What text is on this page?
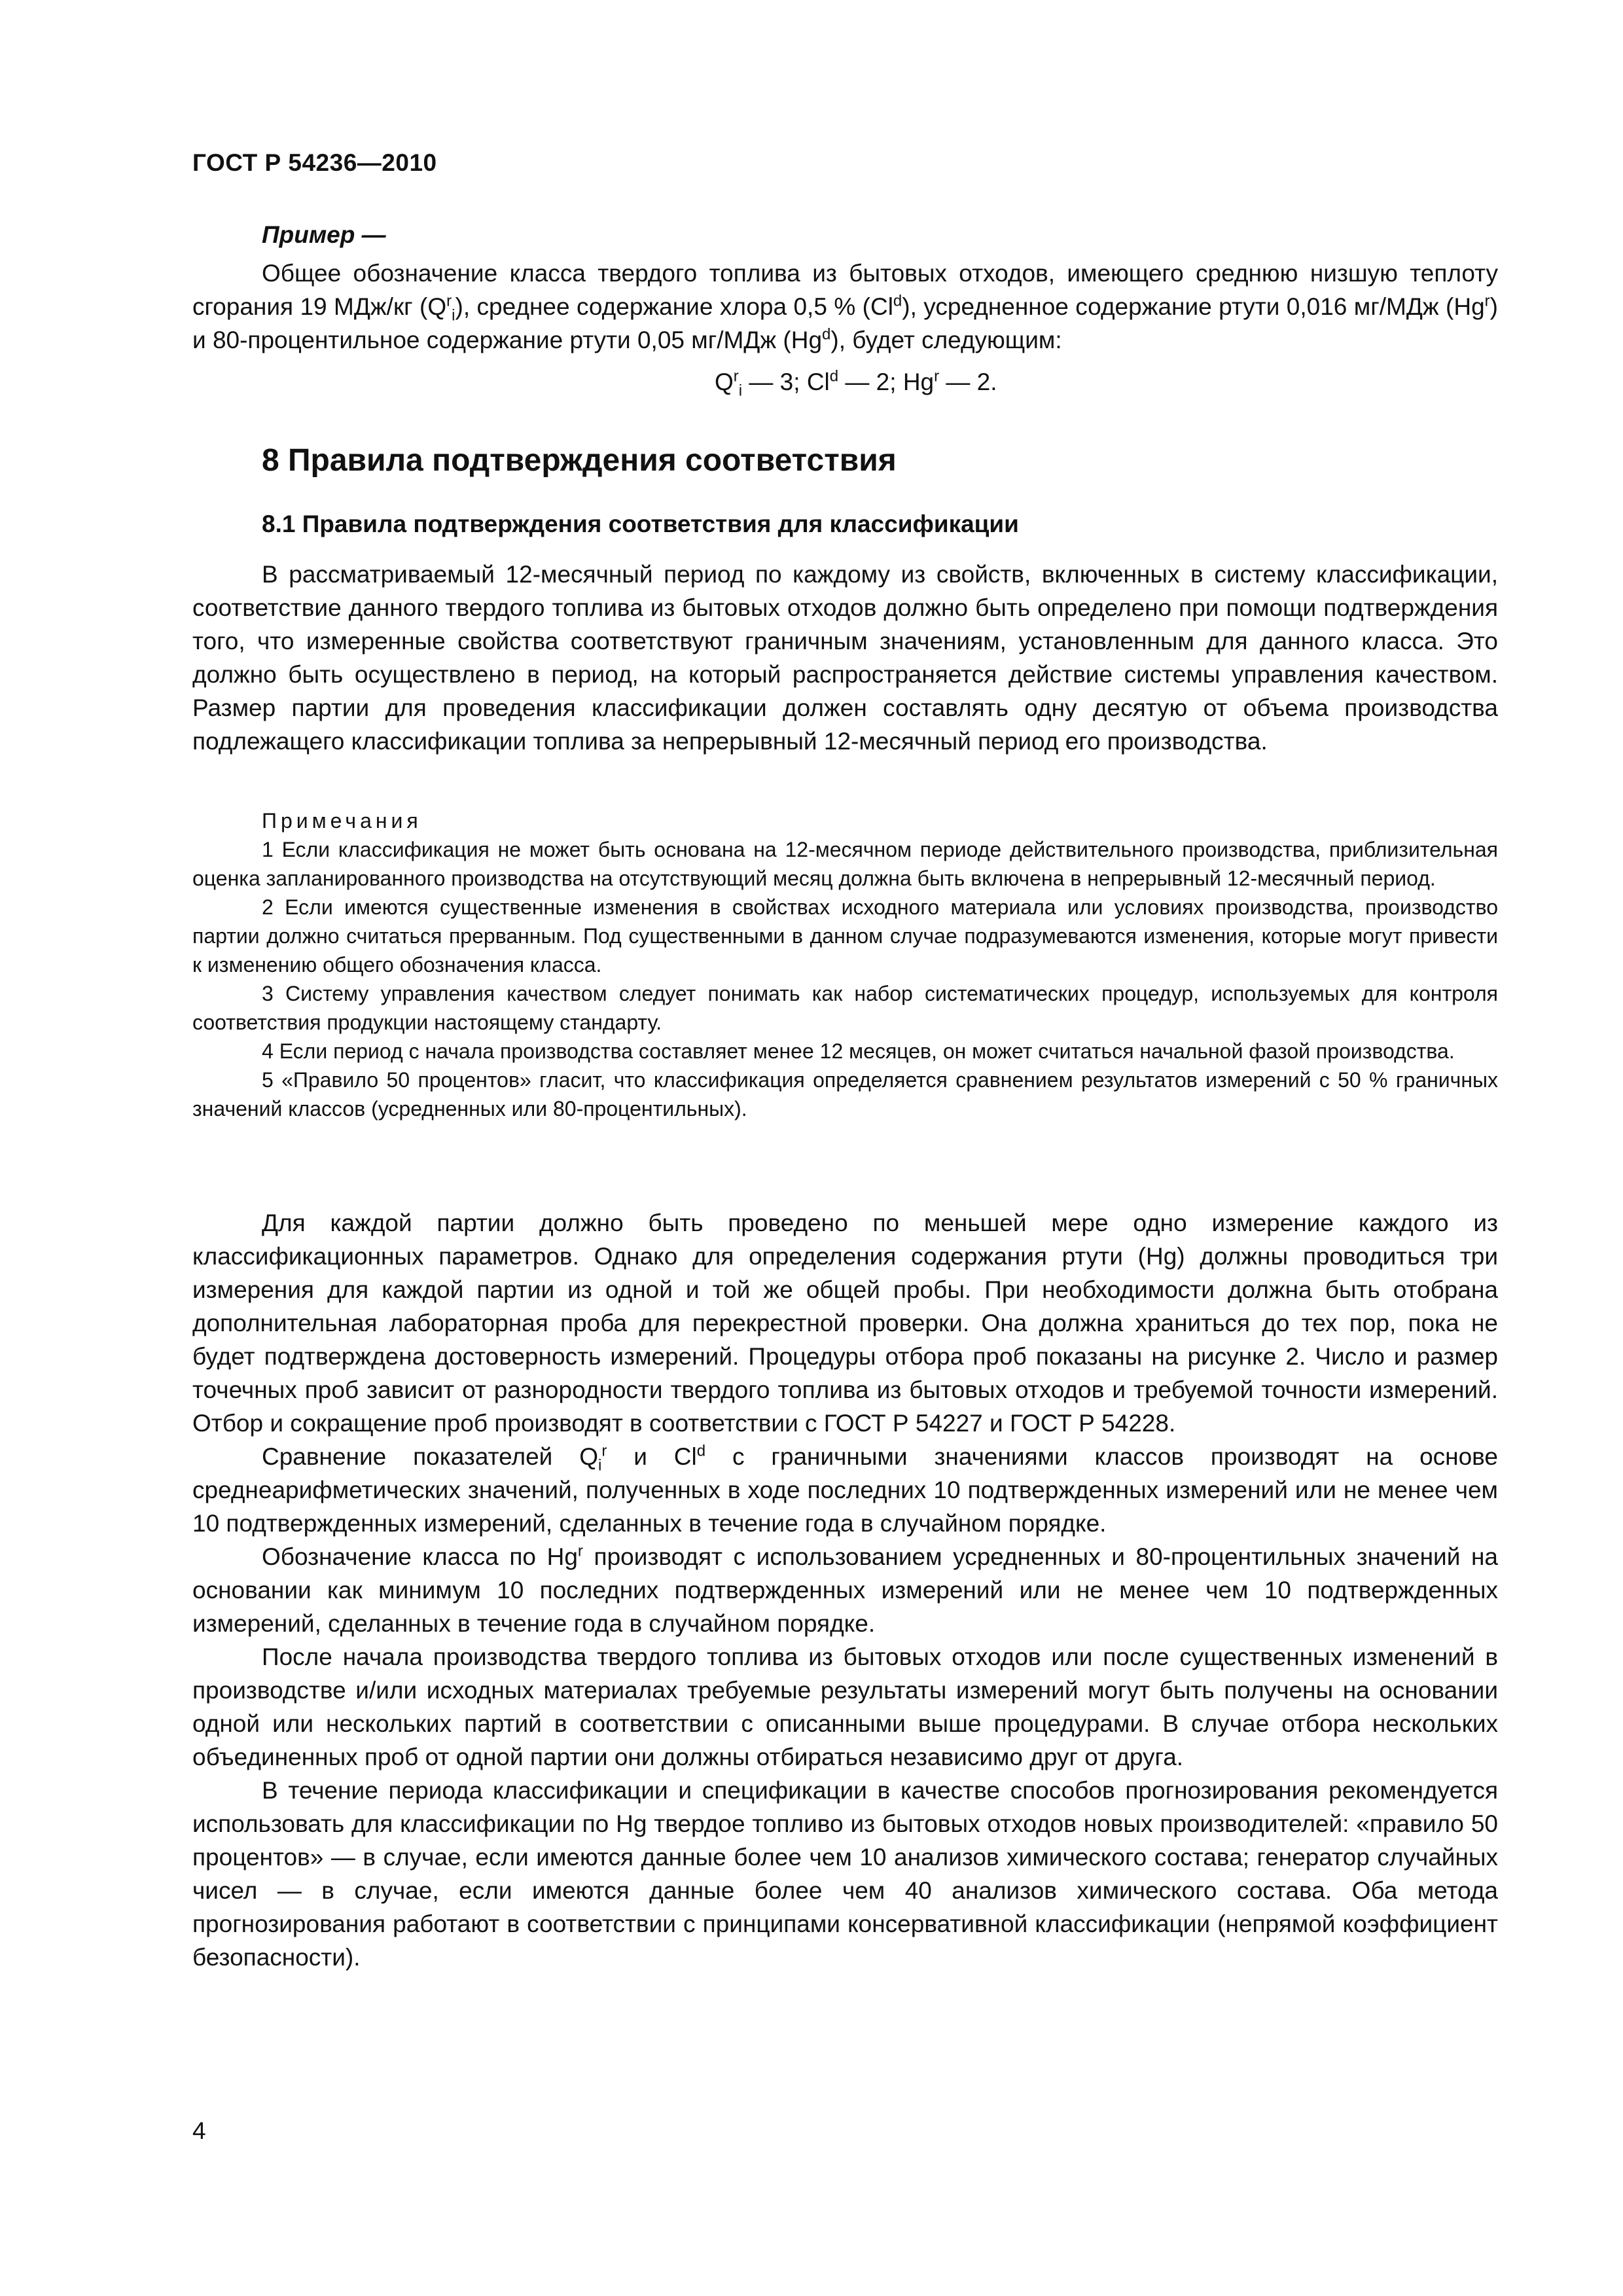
ГОСТ Р 54236—2010
Пример —

Общее обозначение класса твердого топлива из бытовых отходов, имеющего среднюю низшую теплоту сгорания 19 МДж/кг $(Q^r_i)$, среднее содержание хлора 0,5 % (Cl$^d$), усредненное содержание ртути 0,016 мг/МДж (Hg$^r$) и 80-процентильное содержание ртути 0,05 мг/МДж (Hg$^d$), будет следующим:

$Q^r_i$ — 3; Cl$^d$ — 2; Hg$^r$ — 2.
8 Правила подтверждения соответствия
8.1 Правила подтверждения соответствия для классификации

В рассматриваемый 12-месячный период по каждому из свойств, включенных в систему классификации, соответствие данного твердого топлива из бытовых отходов должно быть определено при помощи подтверждения того, что измеренные свойства соответствуют граничным значениям, установленным для данного класса. Это должно быть осуществлено в период, на который распространяется действие системы управления качеством. Размер партии для проведения классификации должен составлять одну десятую от объема производства подлежащего классификации топлива за непрерывный 12-месячный период его производства.

Примечания

1 Если классификация не может быть основана на 12-месячном периоде действительного производства, приблизительная оценка запланированного производства на отсутствующий месяц должна быть включена в непрерывный 12-месячный период.

2 Если имеются существенные изменения в свойствах исходного материала или условиях производства, производство партии должно считаться прерванным. Под существенными в данном случае подразумеваются изменения, которые могут привести к изменению общего обозначения класса.

3 Систему управления качеством следует понимать как набор систематических процедур, используемых для контроля соответствия продукции настоящему стандарту.

4 Если период с начала производства составляет менее 12 месяцев, он может считаться начальной фазой производства.

5 «Правило 50 процентов» гласит, что классификация определяется сравнением результатов измерений с 50 % граничных значений классов (усредненных или 80-процентильных).

Для каждой партии должно быть проведено по меньшей мере одно измерение каждого из классификационных параметров. Однако для определения содержания ртути (Hg) должны проводиться три измерения для каждой партии из одной и той же общей пробы. При необходимости должна быть отобрана дополнительная лабораторная проба для перекрестной проверки. Она должна храниться до тех пор, пока не будет подтверждена достоверность измерений. Процедуры отбора проб показаны на рисунке 2. Число и размер точечных проб зависит от разнородности твердого топлива из бытовых отходов и требуемой точности измерений. Отбор и сокращение проб производят в соответствии с ГОСТ Р 54227 и ГОСТ Р 54228.

Сравнение показателей $Q_i^r$ и Cl$^d$ с граничными значениями классов производят на основе среднеарифметических значений, полученных в ходе последних 10 подтвержденных измерений или не менее чем 10 подтвержденных измерений, сделанных в течение года в случайном порядке.

Обозначение класса по Hg$^r$ производят с использованием усредненных и 80-процентильных значений на основании как минимум 10 последних подтвержденных измерений или не менее чем 10 подтвержденных измерений, сделанных в течение года в случайном порядке.

После начала производства твердого топлива из бытовых отходов или после существенных изменений в производстве и/или исходных материалах требуемые результаты измерений могут быть получены на основании одной или нескольких партий в соответствии с описанными выше процедурами. В случае отбора нескольких объединенных проб от одной партии они должны отбираться независимо друг от друга.

В течение периода классификации и спецификации в качестве способов прогнозирования рекомендуется использовать для классификации по Hg твердое топливо из бытовых отходов новых производителей: «правило 50 процентов» — в случае, если имеются данные более чем 10 анализов химического состава; генератор случайных чисел — в случае, если имеются данные более чем 40 анализов химического состава. Оба метода прогнозирования работают в соответствии с принципами консервативной классификации (непрямой коэффициент безопасности).

4
